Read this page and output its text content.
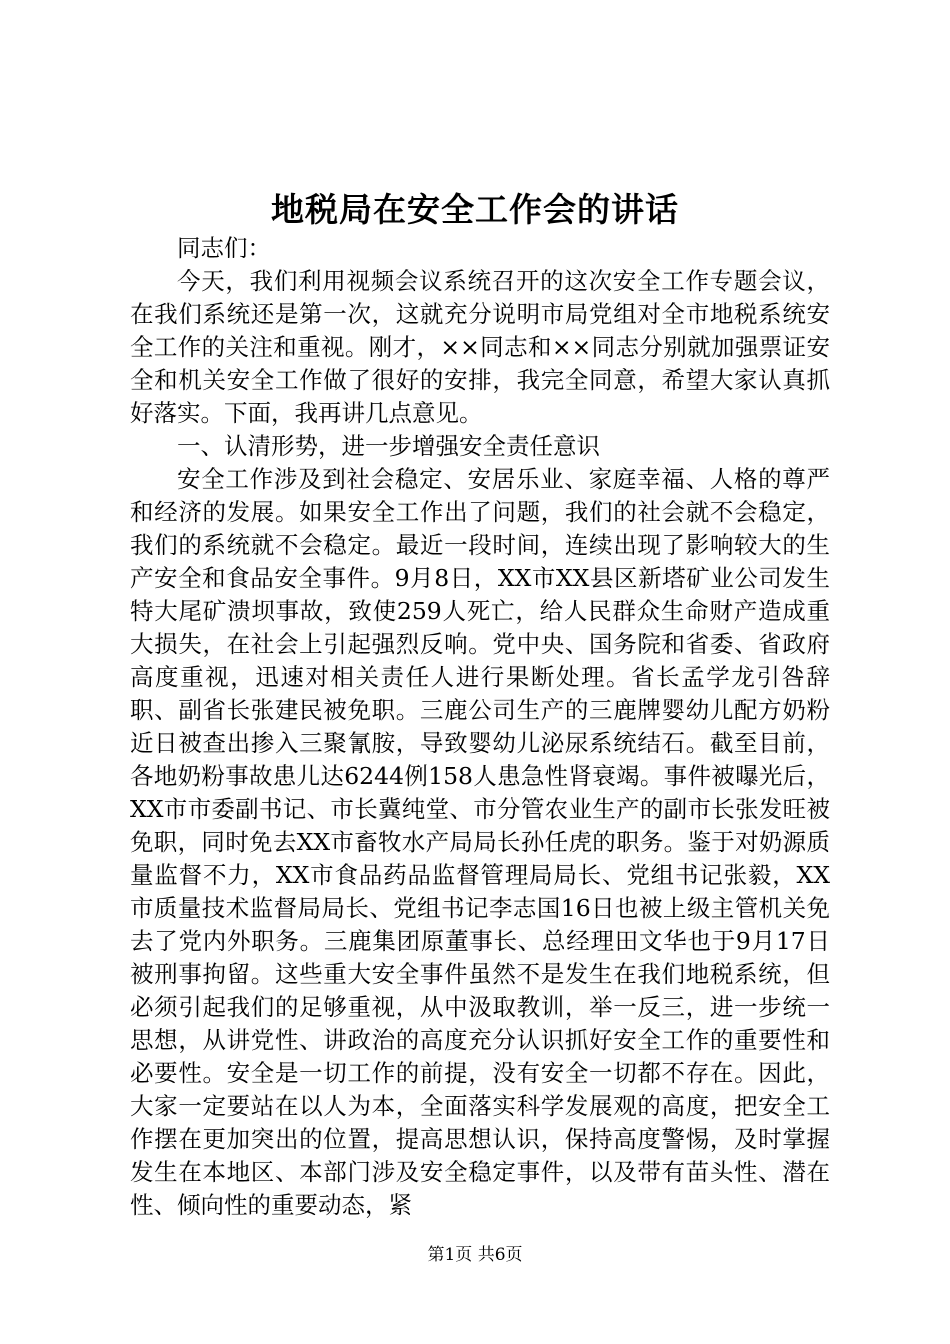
地税局在安全工作会的讲话

同志们：

今天，我们利用视频会议系统召开的这次安全工作专题会议，在我们系统还是第一次，这就充分说明市局党组对全市地税系统安全工作的关注和重视。刚才，××同志和××同志分别就加强票证安全和机关安全工作做了很好的安排，我完全同意，希望大家认真抓好落实。下面，我再讲几点意见。

一、认清形势，进一步增强安全责任意识

安全工作涉及到社会稳定、安居乐业、家庭幸福、人格的尊严和经济的发展。如果安全工作出了问题，我们的社会就不会稳定，我们的系统就不会稳定。最近一段时间，连续出现了影响较大的生产安全和食品安全事件。9月8日，XX市XX县区新塔矿业公司发生特大尾矿溃坝事故，致使259人死亡，给人民群众生命财产造成重大损失，在社会上引起强烈反响。党中央、国务院和省委、省政府高度重视，迅速对相关责任人进行果断处理。省长孟学龙引咎辞职、副省长张建民被免职。三鹿公司生产的三鹿牌婴幼儿配方奶粉近日被查出掺入三聚氰胺，导致婴幼儿泌尿系统结石。截至目前，各地奶粉事故患儿达6244例158人患急性肾衰竭。事件被曝光后，XX市市委副书记、市长冀纯堂、市分管农业生产的副市长张发旺被免职，同时免去XX市畜牧水产局局长孙任虎的职务。鉴于对奶源质量监督不力，XX市食品药品监督管理局局长、党组书记张毅，XX市质量技术监督局局长、党组书记李志国16日也被上级主管机关免去了党内外职务。三鹿集团原董事长、总经理田文华也于9月17日被刑事拘留。这些重大安全事件虽然不是发生在我们地税系统，但必须引起我们的足够重视，从中汲取教训，举一反三，进一步统一思想，从讲党性、讲政治的高度充分认识抓好安全工作的重要性和必要性。安全是一切工作的前提，没有安全一切都不存在。因此，大家一定要站在以人为本，全面落实科学发展观的高度，把安全工作摆在更加突出的位置，提高思想认识，保持高度警惕，及时掌握发生在本地区、本部门涉及安全稳定事件，以及带有苗头性、潜在性、倾向性的重要动态，紧

第1页 共6页
